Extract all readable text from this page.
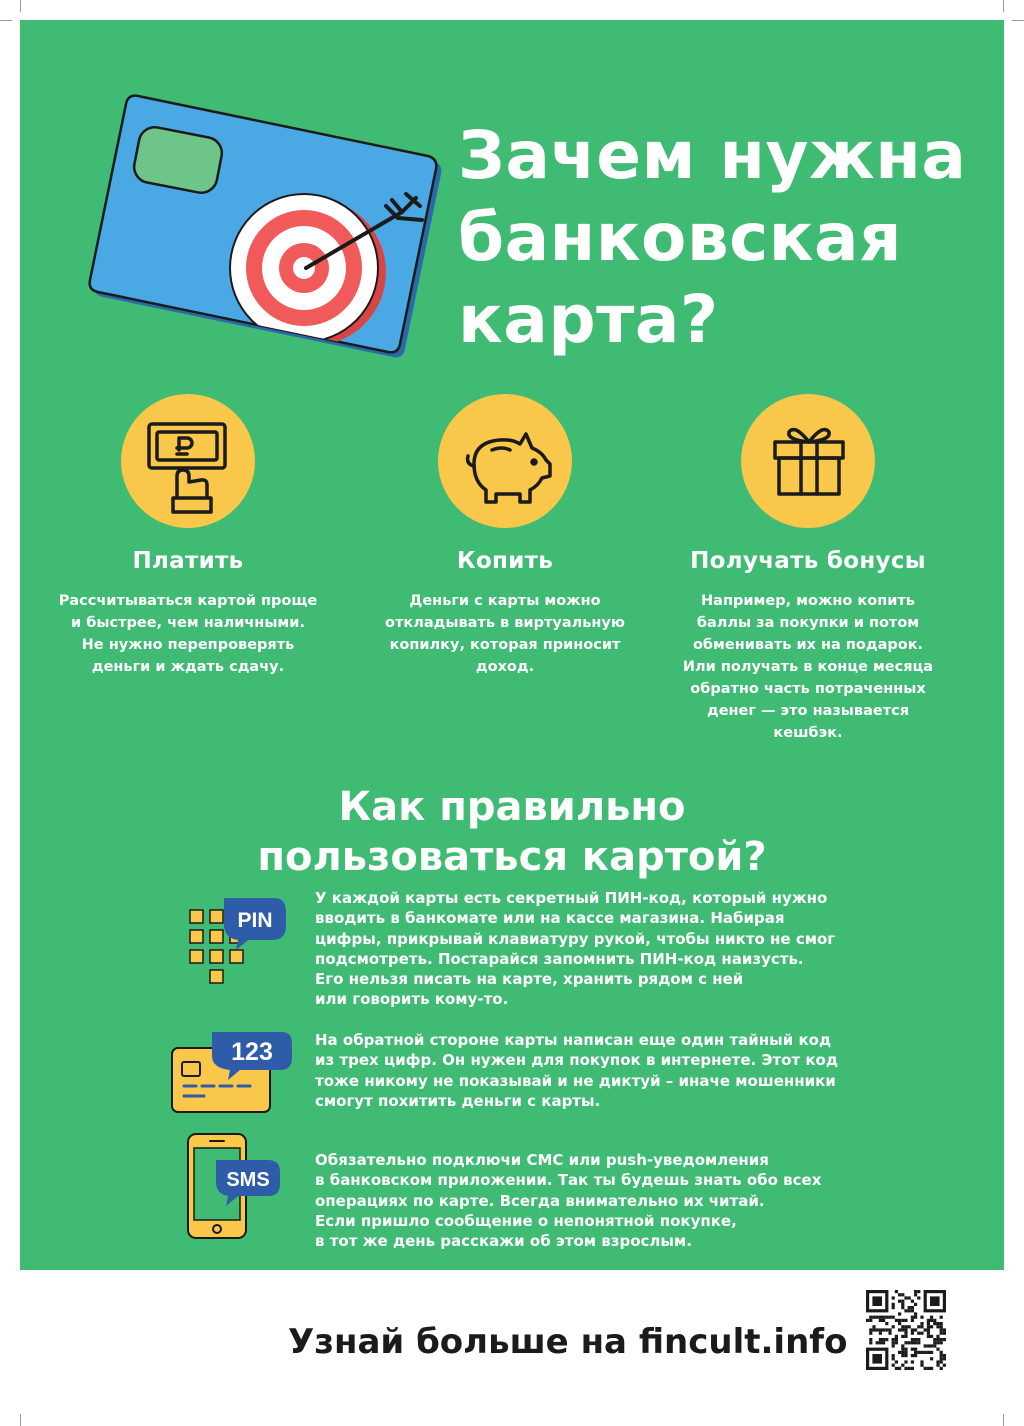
Зачем нужна
банковская
карта?
Платить

Рассчитываться картой проще
и быстрее, чем наличными.
Не нужно перепроверять
деньги и ждать сдачу.

Копить

Деньги с карты можно
откладывать в виртуальную
копилку, которая приносит
доход.

Получать бонусы

Например, можно копить
баллы за покупки и потом
обменивать их на подарок.
Или получать в конце месяца
обратно часть потраченных
денег — это называется
кешбэк.

Как правильно
пользоваться картой?
PIN
У каждой карты есть секретный ПИН-код, который нужно
вводить в банкомате или на кассе магазина. Набирая
цифры, прикрывай клавиатуру рукой, чтобы никто не смог
подсмотреть. Постарайся запомнить ПИН-код наизусть.
Его нельзя писать на карте, хранить рядом с ней
или говорить кому-то.
123	На обратной стороне карты написан еще один тайный код
из трех цифр. Он нужен для покупок в интернете. Этот код
тоже никому не показывай и не диктуй – иначе мошенники
смогут похитить деньги с карты.
SMS
Обязательно подключи СМС или push-уведомления
в банковском приложении. Так ты будешь знать обо всех
операциях по карте. Всегда внимательно их читай.
Если пришло сообщение о непонятной покупке,
в тот же день расскажи об этом взрослым.
Узнай больше на fincult.info
